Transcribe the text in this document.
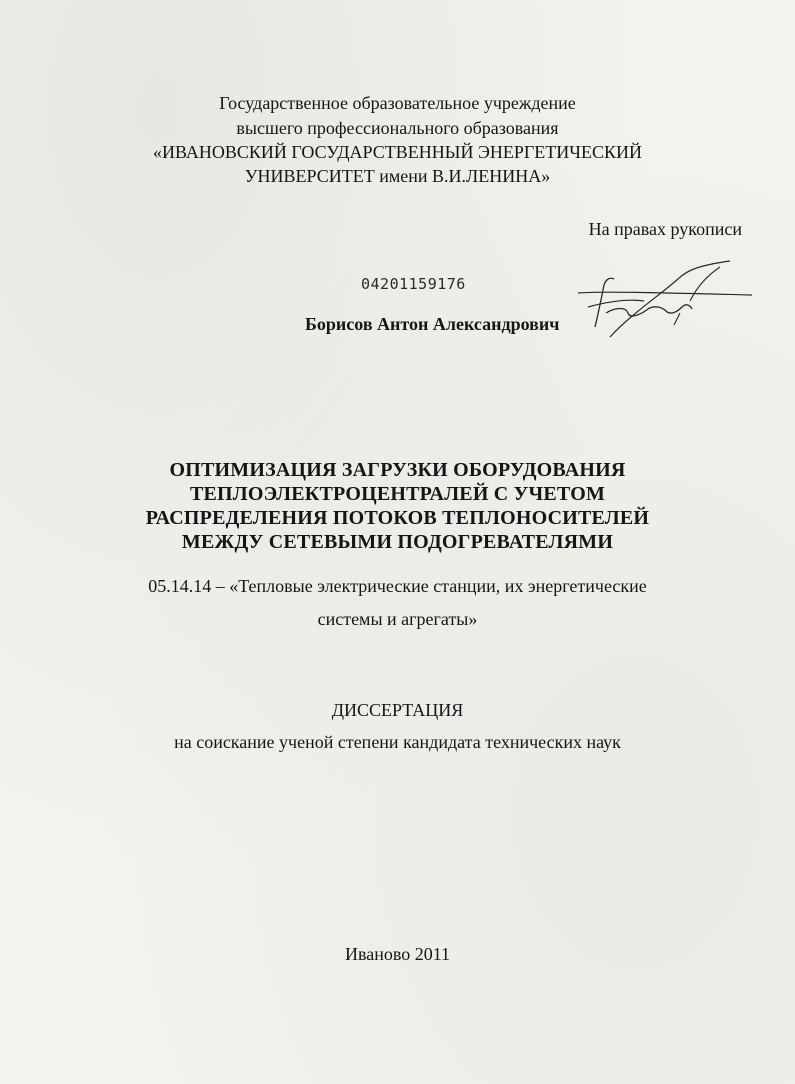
Государственное образовательное учреждение
высшего профессионального образования
«ИВАНОВСКИЙ ГОСУДАРСТВЕННЫЙ ЭНЕРГЕТИЧЕСКИЙ
УНИВЕРСИТЕТ имени В.И.ЛЕНИНА»
На правах рукописи
04201159176
Борисов Антон Александрович
ОПТИМИЗАЦИЯ ЗАГРУЗКИ ОБОРУДОВАНИЯ
ТЕПЛОЭЛЕКТРОЦЕНТРАЛЕЙ С УЧЕТОМ
РАСПРЕДЕЛЕНИЯ ПОТОКОВ ТЕПЛОНОСИТЕЛЕЙ
МЕЖДУ СЕТЕВЫМИ ПОДОГРЕВАТЕЛЯМИ
05.14.14 – «Тепловые электрические станции, их энергетические
системы и агрегаты»
ДИССЕРТАЦИЯ
на соискание ученой степени кандидата технических наук
Иваново 2011
